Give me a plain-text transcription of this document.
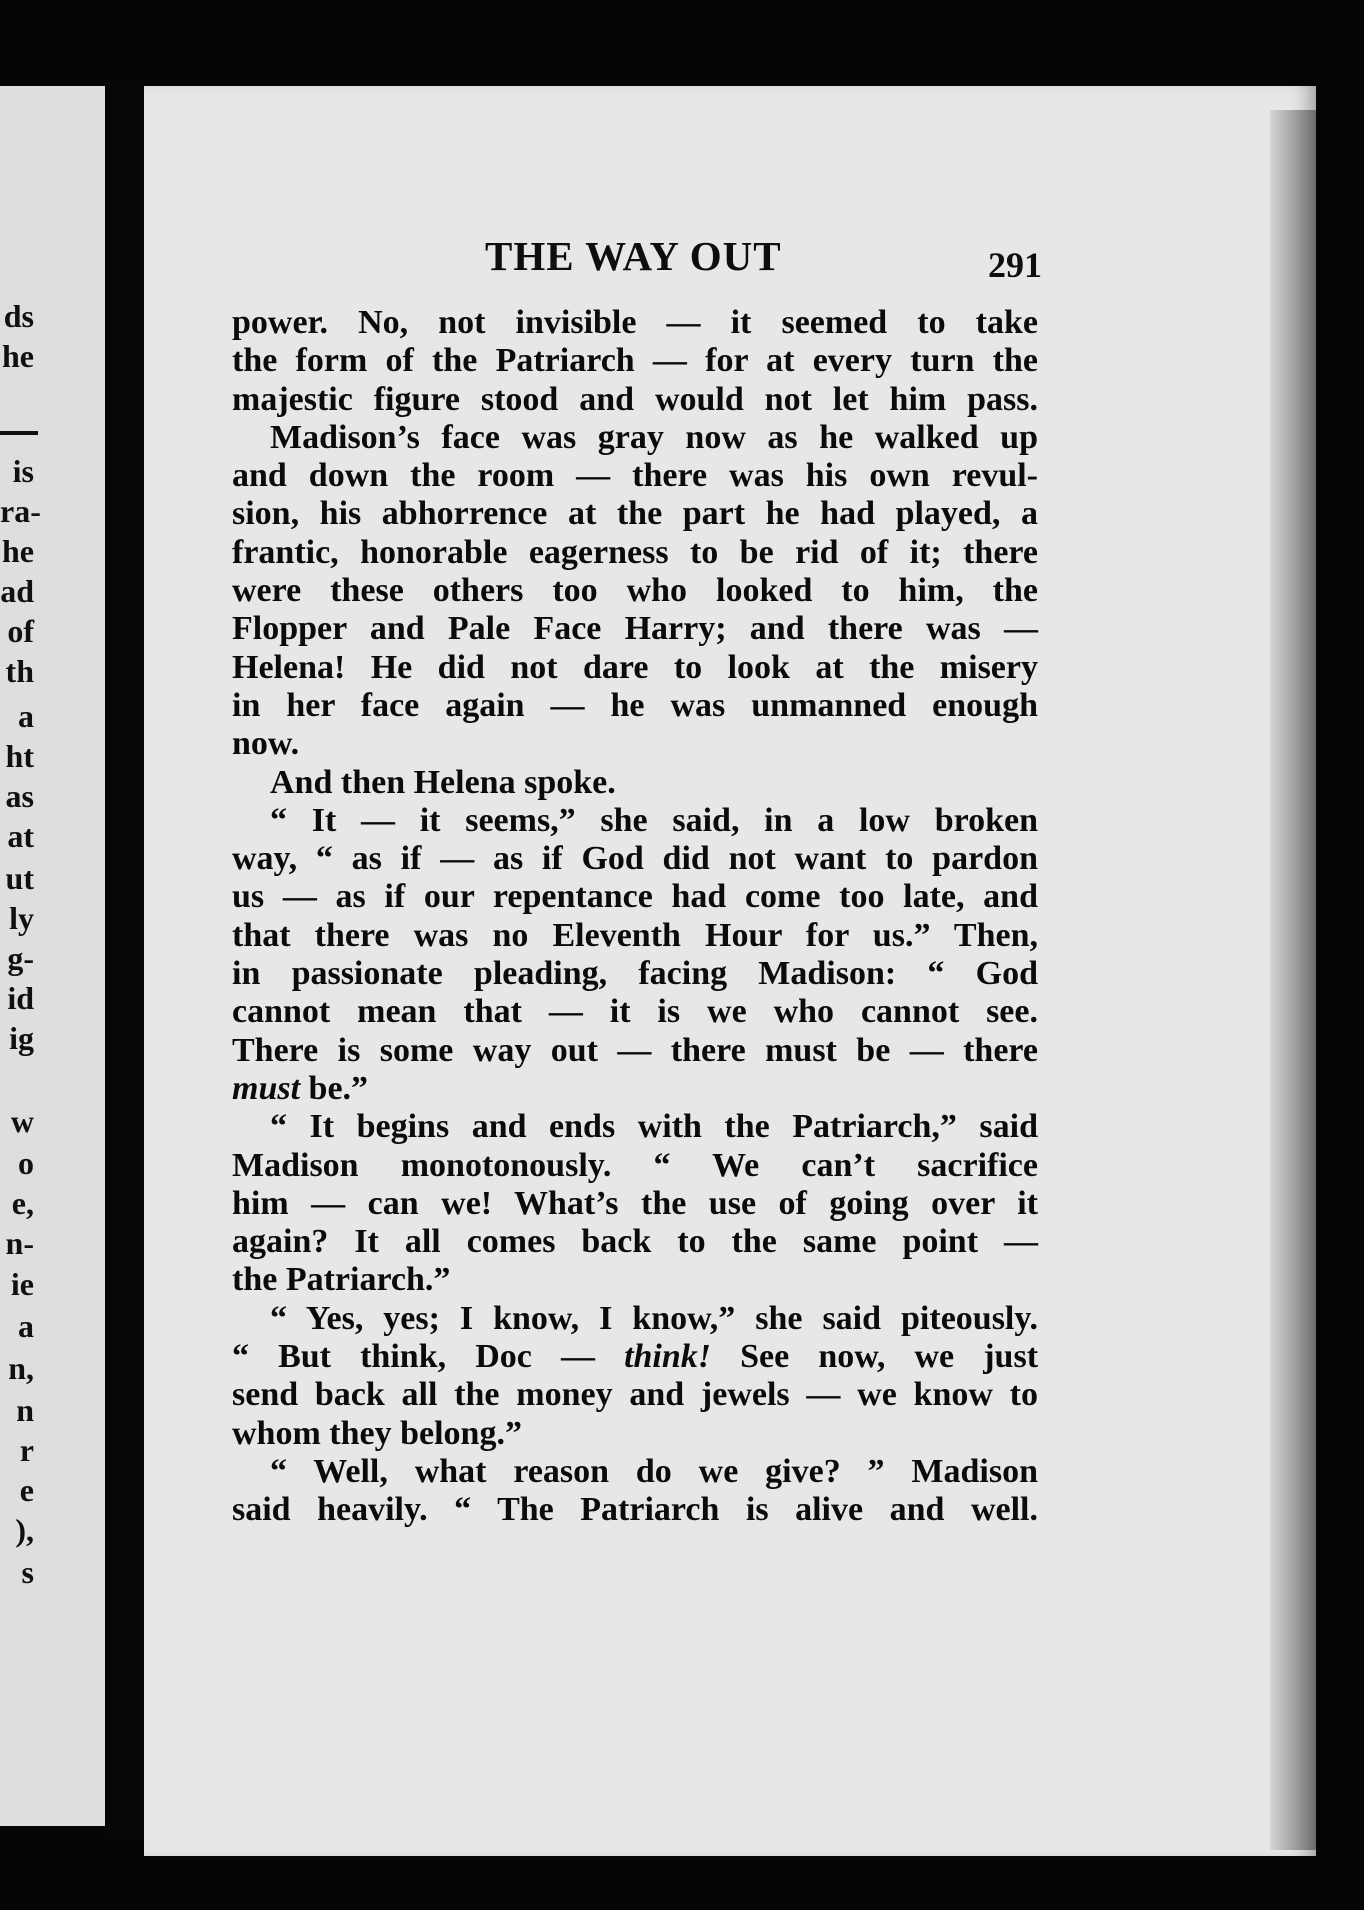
ds
he
is
ra-
he
ad
of
th
a
ht
as
at
ut
ly
g-
id
ig
w
o
e,
n-
ie
a
n,
n
r
e
),
s
THE WAY OUT	291
power. No, not invisible — it seemed to take
the form of the Patriarch — for at every turn the
majestic figure stood and would not let him pass.
Madison’s face was gray now as he walked up
and down the room — there was his own revul-
sion, his abhorrence at the part he had played, a
frantic, honorable eagerness to be rid of it; there
were these others too who looked to him, the
Flopper and Pale Face Harry; and there was —
Helena! He did not dare to look at the misery
in her face again — he was unmanned enough
now.
And then Helena spoke.
“ It — it seems,” she said, in a low broken
way, “ as if — as if God did not want to pardon
us — as if our repentance had come too late, and
that there was no Eleventh Hour for us.” Then,
in passionate pleading, facing Madison: “ God
cannot mean that — it is we who cannot see.
There is some way out — there must be — there
must be.”
“ It begins and ends with the Patriarch,” said
Madison monotonously. “ We can’t sacrifice
him — can we! What’s the use of going over it
again? It all comes back to the same point —
the Patriarch.”
“ Yes, yes; I know, I know,” she said piteously.
“ But think, Doc — think! See now, we just
send back all the money and jewels — we know to
whom they belong.”
“ Well, what reason do we give? ” Madison
said heavily. “ The Patriarch is alive and well.
